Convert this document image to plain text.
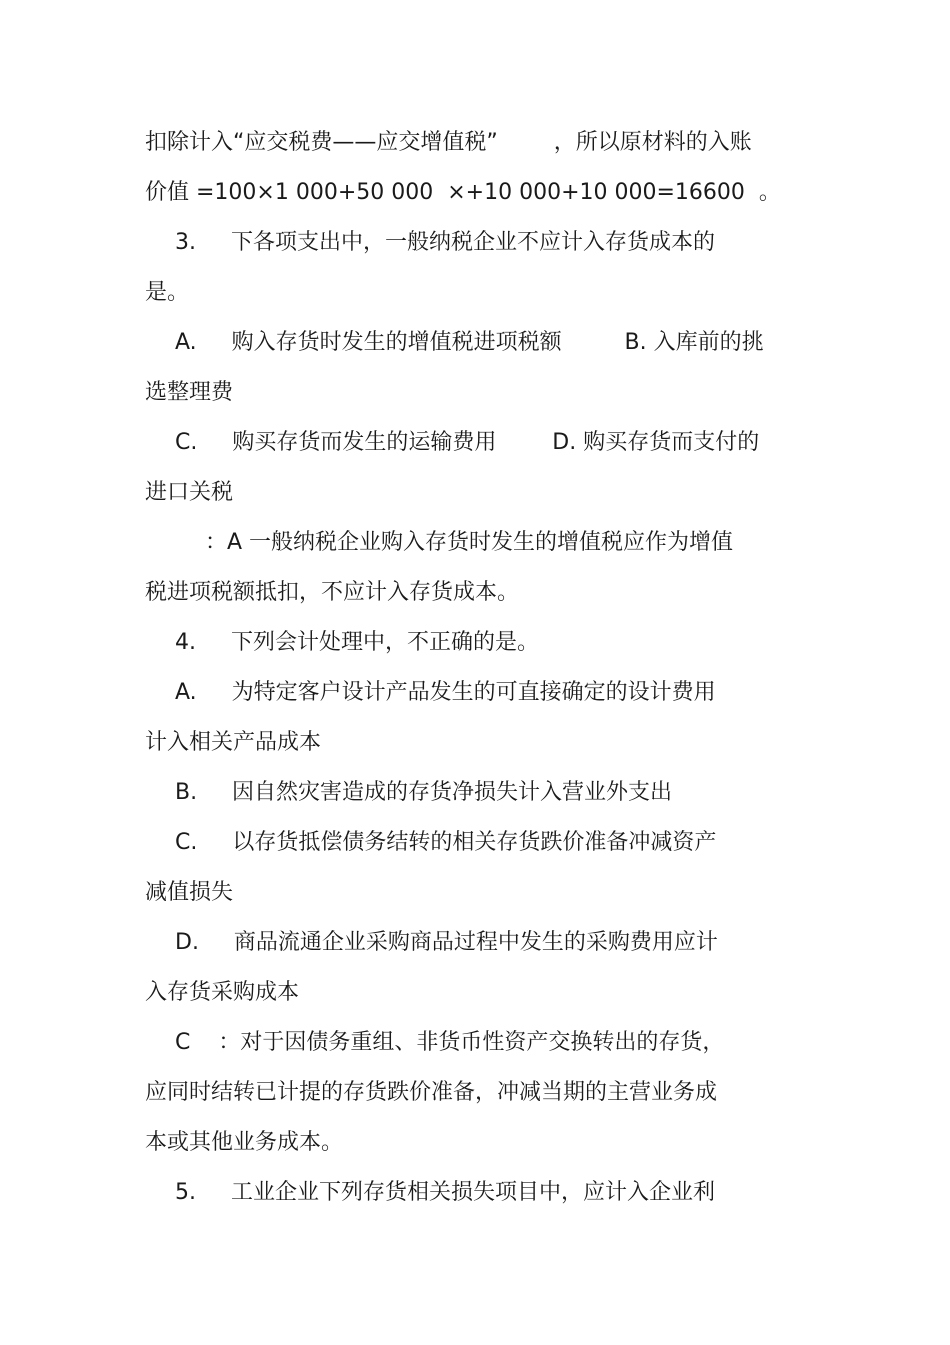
扣除计入“应交税费——应交增值税”        ，所以原材料的入账
价值 =100×1 000+50 000  ×+10 000+10 000=16600  。
3.     下各项支出中，一般纳税企业不应计入存货成本的
是。
A.     购入存货时发生的增值税进项税额         B. 入库前的挑
选整理费
C.     购买存货而发生的运输费用        D. 购买存货而支付的
进口关税
：A 一般纳税企业购入存货时发生的增值税应作为增值
税进项税额抵扣，不应计入存货成本。
4.     下列会计处理中，不正确的是。
A.     为特定客户设计产品发生的可直接确定的设计费用
计入相关产品成本
B.     因自然灾害造成的存货净损失计入营业外支出
C.     以存货抵偿债务结转的相关存货跌价准备冲减资产
减值损失
D.     商品流通企业采购商品过程中发生的采购费用应计
入存货采购成本
C    ：对于因债务重组、非货币性资产交换转出的存货，
应同时结转已计提的存货跌价准备，冲减当期的主营业务成
本或其他业务成本。
5.     工业企业下列存货相关损失项目中，应计入企业利
